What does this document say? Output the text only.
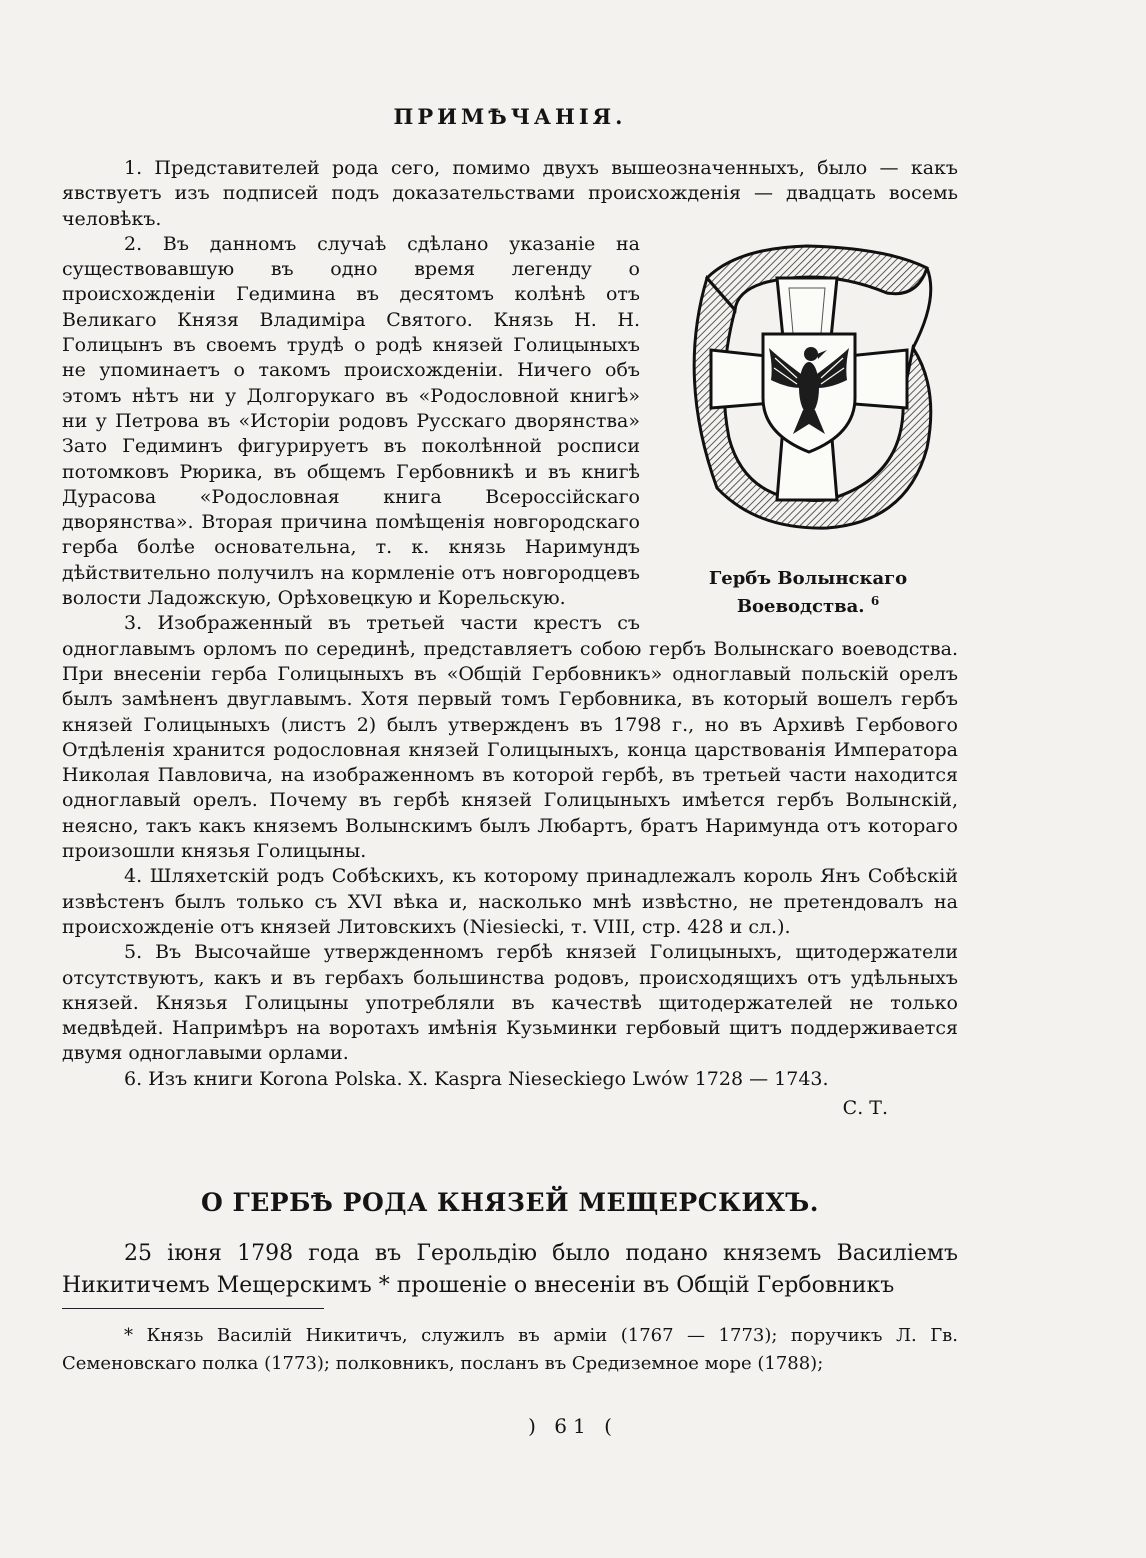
ПРИМѢЧАНІЯ.

1. Представителей рода сего, помимо двухъ вышеозначенныхъ, было — какъ явствуетъ изъ подписей подъ доказательствами происхожденія — двадцать восемь человѣкъ.

Гербъ Волынскаго Воеводства. $^6$

2. Въ данномъ случаѣ сдѣлано указаніе на существовавшую въ одно время легенду о происхожденіи Гедимина въ десятомъ колѣнѣ отъ Великаго Князя Владиміра Святого. Князь Н. Н. Голицынъ въ своемъ трудѣ о родѣ князей Голицыныхъ не упоминаетъ о такомъ происхожденіи. Ничего объ этомъ нѣтъ ни у Долгорукаго въ «Родословной книгѣ» ни у Петрова въ «Исторіи родовъ Русскаго дворянства» Зато Гедиминъ фигурируетъ въ поколѣнной росписи потомковъ Рюрика, въ общемъ Гербовникѣ и въ книгѣ Дурасова «Родословная книга Всероссійскаго дворянства». Вторая причина помѣщенія новгородскаго герба болѣе основательна, т. к. князь Наримундъ дѣйствительно получилъ на кормленіе отъ новгородцевъ волости Ладожскую, Орѣховецкую и Корельскую.

3. Изображенный въ третьей части крестъ съ одноглавымъ орломъ по серединѣ, представляетъ собою гербъ Волынскаго воеводства. При внесеніи герба Голицыныхъ въ «Общій Гербовникъ» одноглавый польскій орелъ былъ замѣненъ двуглавымъ. Хотя первый томъ Гербовника, въ который вошелъ гербъ князей Голицыныхъ (листъ 2) былъ утвержденъ въ 1798 г., но въ Архивѣ Гербового Отдѣленія хранится родословная князей Голицыныхъ, конца царствованія Императора Николая Павловича, на изображенномъ въ которой гербѣ, въ третьей части находится одноглавый орелъ. Почему въ гербѣ князей Голицыныхъ имѣется гербъ Волынскій, неясно, такъ какъ княземъ Волынскимъ былъ Любартъ, братъ Наримунда отъ котораго произошли князья Голицыны.

4. Шляхетскій родъ Собѣскихъ, къ которому принадлежалъ король Янъ Собѣскій извѣстенъ былъ только съ XVI вѣка и, насколько мнѣ извѣстно, не претендовалъ на происхожденіе отъ князей Литовскихъ (Niesiecki, т. VIII, стр. 428 и сл.).

5. Въ Высочайше утвержденномъ гербѣ князей Голицыныхъ, щитодержатели отсутствуютъ, какъ и въ гербахъ большинства родовъ, происходящихъ отъ удѣльныхъ князей. Князья Голицыны употребляли въ качествѣ щитодержателей не только медвѣдей. Напримѣръ на воротахъ имѣнія Кузьминки гербовый щитъ поддерживается двумя одноглавыми орлами.

6. Изъ книги Korona Polska. X. Kaspra Nieseckiego Lwów 1728 — 1743.

С. Т.
О ГЕРБѢ РОДА КНЯЗЕЙ МЕЩЕРСКИХЪ.

25 іюня 1798 года въ Герольдію было подано княземъ Василіемъ Никитичемъ Мещерскимъ * прошеніе о внесеніи въ Общій Гербовникъ

* Князь Василій Никитичъ, служилъ въ арміи (1767 — 1773); поручикъ Л. Гв. Семеновскаго полка (1773); полковникъ, посланъ въ Средиземное море (1788);

) 61 (
